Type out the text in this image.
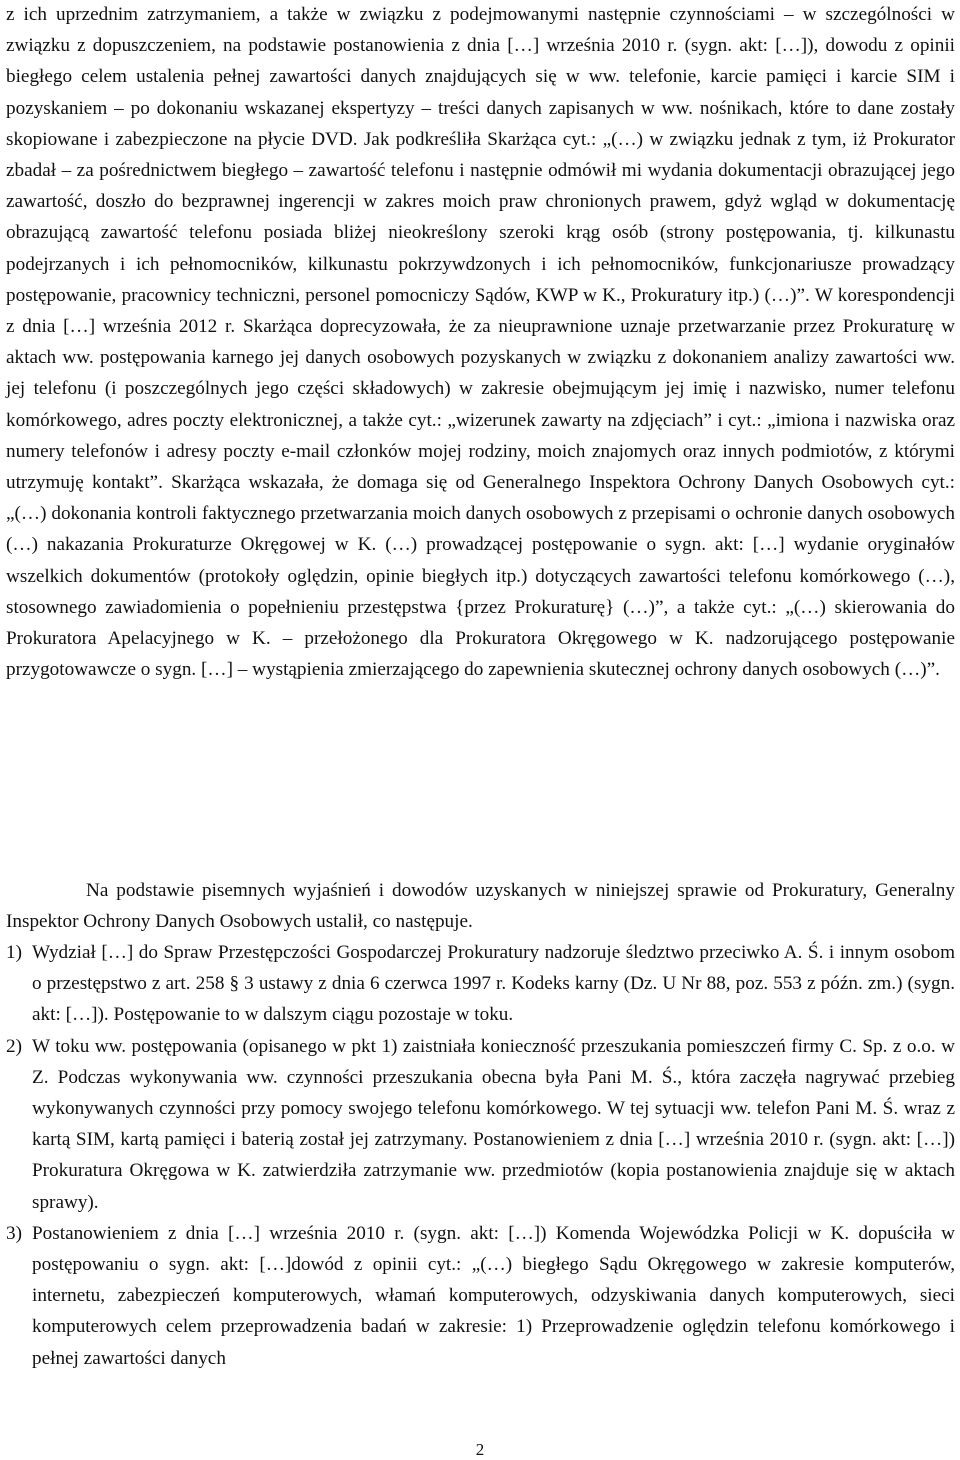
z ich uprzednim zatrzymaniem, a także w związku z podejmowanymi następnie czynnościami – w szczególności w związku z dopuszczeniem, na podstawie postanowienia z dnia […] września 2010 r. (sygn. akt: […]), dowodu z opinii biegłego celem ustalenia pełnej zawartości danych znajdujących się w ww. telefonie, karcie pamięci i karcie SIM i pozyskaniem – po dokonaniu wskazanej ekspertyzy – treści danych zapisanych w ww. nośnikach, które to dane zostały skopiowane i zabezpieczone na płycie DVD. Jak podkreśliła Skarżąca cyt.: „(…) w związku jednak z tym, iż Prokurator zbadał – za pośrednictwem biegłego – zawartość telefonu i następnie odmówił mi wydania dokumentacji obrazującej jego zawartość, doszło do bezprawnej ingerencji w zakres moich praw chronionych prawem, gdyż wgląd w dokumentację obrazującą zawartość telefonu posiada bliżej nieokreślony szeroki krąg osób (strony postępowania, tj. kilkunastu podejrzanych i ich pełnomocników, kilkunastu pokrzywdzonych i ich pełnomocników, funkcjonariusze prowadzący postępowanie, pracownicy techniczni, personel pomocniczy Sądów, KWP w K., Prokuratury itp.) (…)”. W korespondencji z dnia […] września 2012 r. Skarżąca doprecyzowała, że za nieuprawnione uznaje przetwarzanie przez Prokuraturę w aktach ww. postępowania karnego jej danych osobowych pozyskanych w związku z dokonaniem analizy zawartości ww. jej telefonu (i poszczególnych jego części składowych) w zakresie obejmującym jej imię i nazwisko, numer telefonu komórkowego, adres poczty elektronicznej, a także cyt.: „wizerunek zawarty na zdjęciach” i cyt.: „imiona i nazwiska oraz numery telefonów i adresy poczty e-mail członków mojej rodziny, moich znajomych oraz innych podmiotów, z którymi utrzymuję kontakt”. Skarżąca wskazała, że domaga się od Generalnego Inspektora Ochrony Danych Osobowych cyt.: „(…) dokonania kontroli faktycznego przetwarzania moich danych osobowych z przepisami o ochronie danych osobowych (…) nakazania Prokuraturze Okręgowej w K. (…) prowadzącej postępowanie o sygn. akt: […] wydanie oryginałów wszelkich dokumentów (protokoły oględzin, opinie biegłych itp.) dotyczących zawartości telefonu komórkowego (…), stosownego zawiadomienia o popełnieniu przestępstwa {przez Prokuraturę} (…)”, a także cyt.: „(…) skierowania do Prokuratora Apelacyjnego w K. – przełożonego dla Prokuratora Okręgowego w K. nadzorującego postępowanie przygotowawcze o sygn. […] – wystąpienia zmierzającego do zapewnienia skutecznej ochrony danych osobowych (…)”.

Na podstawie pisemnych wyjaśnień i dowodów uzyskanych w niniejszej sprawie od Prokuratury, Generalny Inspektor Ochrony Danych Osobowych ustalił, co następuje.

1) Wydział […] do Spraw Przestępczości Gospodarczej Prokuratury nadzoruje śledztwo przeciwko A. Ś. i innym osobom o przestępstwo z art. 258 § 3 ustawy z dnia 6 czerwca 1997 r. Kodeks karny (Dz. U Nr 88, poz. 553 z późn. zm.) (sygn. akt: […]). Postępowanie to w dalszym ciągu pozostaje w toku.
2) W toku ww. postępowania (opisanego w pkt 1) zaistniała konieczność przeszukania pomieszczeń firmy C. Sp. z o.o. w Z. Podczas wykonywania ww. czynności przeszukania obecna była Pani M. Ś., która zaczęła nagrywać przebieg wykonywanych czynności przy pomocy swojego telefonu komórkowego. W tej sytuacji ww. telefon Pani M. Ś. wraz z kartą SIM, kartą pamięci i baterią został jej zatrzymany. Postanowieniem z dnia […] września 2010 r. (sygn. akt: […]) Prokuratura Okręgowa w K. zatwierdziła zatrzymanie ww. przedmiotów (kopia postanowienia znajduje się w aktach sprawy).
3) Postanowieniem z dnia […] września 2010 r. (sygn. akt: […]) Komenda Wojewódzka Policji w K. dopuściła w postępowaniu o sygn. akt: […]dowód z opinii cyt.: „(…) biegłego Sądu Okręgowego w zakresie komputerów, internetu, zabezpieczeń komputerowych, włamań komputerowych, odzyskiwania danych komputerowych, sieci komputerowych celem przeprowadzenia badań w zakresie: 1) Przeprowadzenie oględzin telefonu komórkowego i pełnej zawartości danych
2
